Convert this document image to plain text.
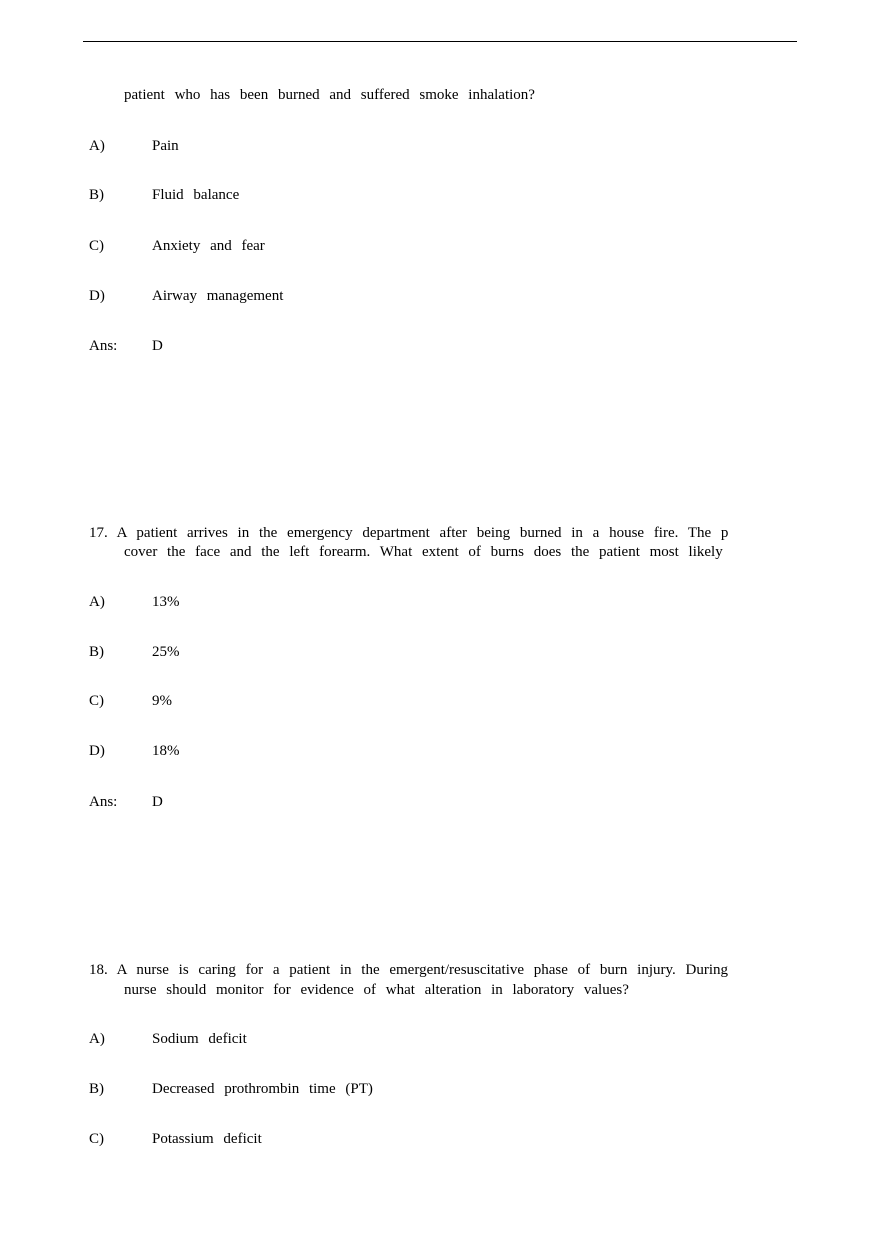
patient who has been burned and suffered smoke inhalation?
A)	Pain
B)	Fluid balance
C)	Anxiety and fear
D)	Airway management
Ans: D
17. A patient arrives in the emergency department after being burned in a house fire. The p
cover the face and the left forearm. What extent of burns does the patient most likely
A)	13%
B)	25%
C)	9%
D)	18%
Ans: D
18. A nurse is caring for a patient in the emergent/resuscitative phase of burn injury. During
nurse should monitor for evidence of what alteration in laboratory values?
A)	Sodium deficit
B)	Decreased prothrombin time (PT)
C)	Potassium deficit
